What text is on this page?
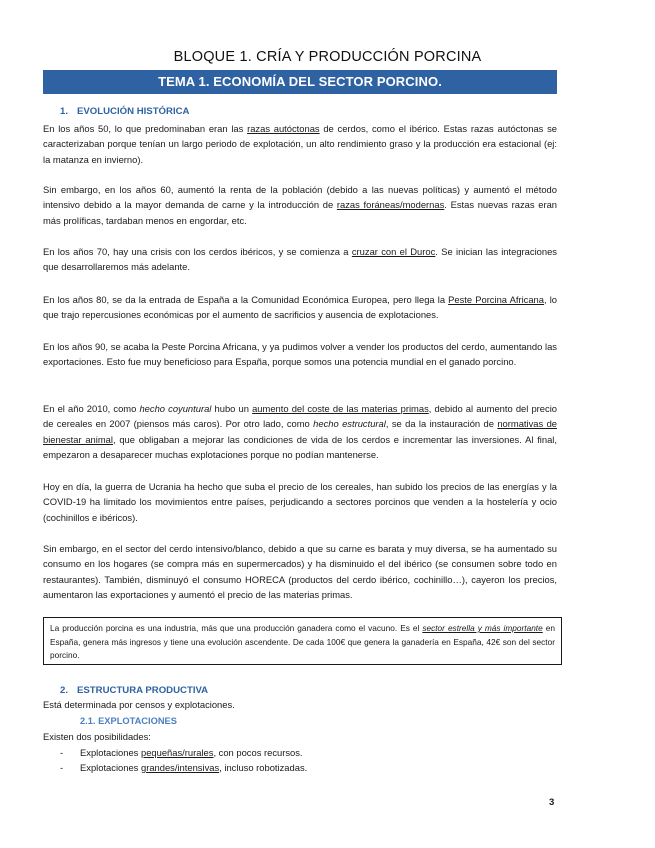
BLOQUE 1. CRÍA Y PRODUCCIÓN PORCINA
TEMA 1. ECONOMÍA DEL SECTOR PORCINO.
1. EVOLUCIÓN HISTÓRICA
En los años 50, lo que predominaban eran las razas autóctonas de cerdos, como el ibérico. Estas razas autóctonas se caracterizaban porque tenían un largo periodo de explotación, un alto rendimiento graso y la producción era estacional (ej: la matanza en invierno).
Sin embargo, en los años 60, aumentó la renta de la población (debido a las nuevas políticas) y aumentó el método intensivo debido a la mayor demanda de carne y la introducción de razas foráneas/modernas. Estas nuevas razas eran más prolíficas, tardaban menos en engordar, etc.
En los años 70, hay una crisis con los cerdos ibéricos, y se comienza a cruzar con el Duroc. Se inician las integraciones que desarrollaremos más adelante.
En los años 80, se da la entrada de España a la Comunidad Económica Europea, pero llega la Peste Porcina Africana, lo que trajo repercusiones económicas por el aumento de sacrificios y ausencia de explotaciones.
En los años 90, se acaba la Peste Porcina Africana, y ya pudimos volver a vender los productos del cerdo, aumentando las exportaciones. Esto fue muy beneficioso para España, porque somos una potencia mundial en el ganado porcino.
En el año 2010, como hecho coyuntural hubo un aumento del coste de las materias primas, debido al aumento del precio de cereales en 2007 (piensos más caros). Por otro lado, como hecho estructural, se da la instauración de normativas de bienestar animal, que obligaban a mejorar las condiciones de vida de los cerdos e incrementar las inversiones. Al final, empezaron a desaparecer muchas explotaciones porque no podían mantenerse.
Hoy en día, la guerra de Ucrania ha hecho que suba el precio de los cereales, han subido los precios de las energías y la COVID-19 ha limitado los movimientos entre países, perjudicando a sectores porcinos que venden a la hostelería y ocio (cochinillos e ibéricos).
Sin embargo, en el sector del cerdo intensivo/blanco, debido a que su carne es barata y muy diversa, se ha aumentado su consumo en los hogares (se compra más en supermercados) y ha disminuido el del ibérico (se consumen sobre todo en restaurantes). También, disminuyó el consumo HORECA (productos del cerdo ibérico, cochinillo…), cayeron los precios, aumentaron las exportaciones y aumentó el precio de las materias primas.
La producción porcina es una industria, más que una producción ganadera como el vacuno. Es el sector estrella y más importante en España, genera más ingresos y tiene una evolución ascendente. De cada 100€ que genera la ganadería en España, 42€ son del sector porcino.
2. ESTRUCTURA PRODUCTIVA
Está determinada por censos y explotaciones.
2.1. EXPLOTACIONES
Existen dos posibilidades:
- Explotaciones pequeñas/rurales, con pocos recursos.
- Explotaciones grandes/intensivas, incluso robotizadas.
3
